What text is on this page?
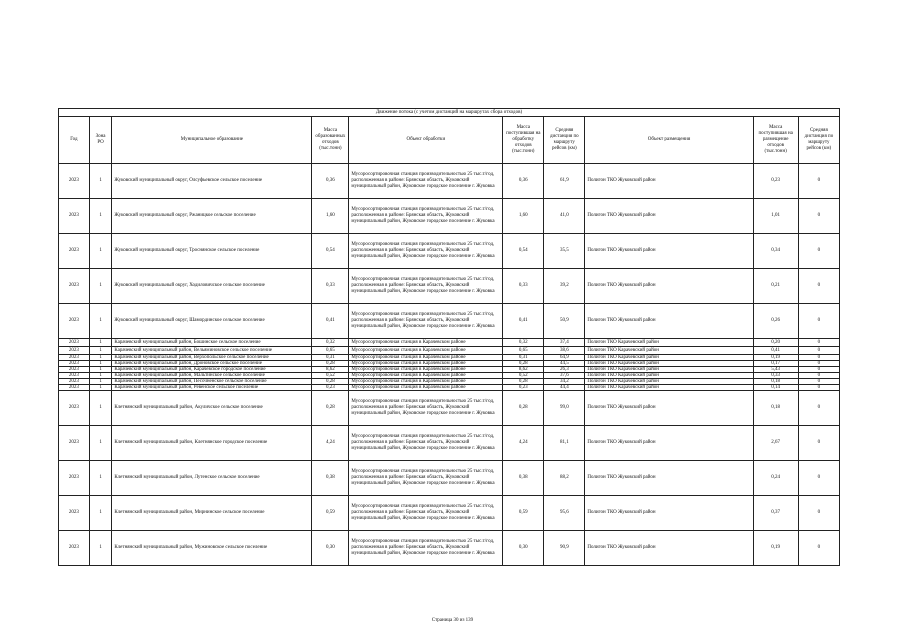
Движение потока (с учетом дистанций на маршрутах сбора отходов)									
Год	Зона РО	Муниципальное образование	Масса образованных отходов (тыс.тонн)	Объект обработки	Масса поступившая на обработку отходов (тыс.тонн)	Средняя дистанция по маршруту рейсов (км)	Объект размещения	Масса поступившая на размещение отходов (тыс.тонн)	Средняя дистанция по маршруту рейсов (км)
2023	1	Жуковский муниципальный округ, Олсуфьевское сельское поселение	0,36	Мусоросортировочная станция производительностью 25 тыс.т/год, расположенная в районе: Брянская область, Жуковский муниципальный район, Жуковское городское поселение г. Жуковка	0,36	61,9	Полигон ТКО Жуковский район	0,23	0
2023	1	Жуковский муниципальный округ, Ржаницкое сельское поселение	1,60	Мусоросортировочная станция производительностью 25 тыс.т/год, расположенная в районе: Брянская область, Жуковский муниципальный район, Жуковское городское поселение г. Жуковка	1,60	41,0	Полигон ТКО Жуковский район	1,01	0
2023	1	Жуковский муниципальный округ, Троснянское сельское поселение	0,54	Мусоросортировочная станция производительностью 25 тыс.т/год, расположенная в районе: Брянская область, Жуковский муниципальный район, Жуковское городское поселение г. Жуковка	0,54	35,5	Полигон ТКО Жуковский район	0,34	0
2023	1	Жуковский муниципальный округ, Ходиловичское сельское поселение	0,33	Мусоросортировочная станция производительностью 25 тыс.т/год, расположенная в районе: Брянская область, Жуковский муниципальный район, Жуковское городское поселение г. Жуковка	0,33	39,2	Полигон ТКО Жуковский район	0,21	0
2023	1	Жуковский муниципальный округ, Шамординское сельское поселение	0,41	Мусоросортировочная станция производительностью 25 тыс.т/год, расположенная в районе: Брянская область, Жуковский муниципальный район, Жуковское городское поселение г. Жуковка	0,41	50,9	Полигон ТКО Жуковский район	0,26	0
2023	1	Карачевский муниципальный район, Бошинское сельское поселение	0,32	Мусоросортировочная станция в Карачевском районе	0,32	37,4	Полигон ТКО Карачевский район	0,20	0
2023	1	Карачевский муниципальный район, Вельяминовское сельское поселение	0,65	Мусоросортировочная станция в Карачевском районе	0,65	38,6	Полигон ТКО Карачевский район	0,41	0
2023	1	Карачевский муниципальный район, Верхопольское сельское поселение	0,31	Мусоросортировочная станция в Карачевском районе	0,31	64,9	Полигон ТКО Карачевский район	0,19	0
2023	1	Карачевский муниципальный район, Дроновское сельское поселение	0,28	Мусоросортировочная станция в Карачевском районе	0,28	44,5	Полигон ТКО Карачевский район	0,17	0
2023	1	Карачевский муниципальный район, Карачевское городское поселение	8,62	Мусоросортировочная станция в Карачевском районе	8,62	26,3	Полигон ТКО Карачевский район	5,43	0
2023	1	Карачевский муниципальный район, Мальтинское сельское поселение	0,52	Мусоросортировочная станция в Карачевском районе	0,52	37,6	Полигон ТКО Карачевский район	0,33	0
2023	1	Карачевский муниципальный район, Песочненское сельское поселение	0,28	Мусоросортировочная станция в Карачевском районе	0,28	34,2	Полигон ТКО Карачевский район	0,18	0
2023	1	Карачевский муниципальный район, Ревенское сельское поселение	0,23	Мусоросортировочная станция в Карачевском районе	0,23	44,4	Полигон ТКО Карачевский район	0,14	0
2023	1	Клетнянский муниципальный район, Акуличское сельское поселение	0,28	Мусоросортировочная станция производительностью 25 тыс.т/год, расположенная в районе: Брянская область, Жуковский муниципальный район, Жуковское городское поселение г. Жуковка	0,28	99,0	Полигон ТКО Жуковский район	0,18	0
2023	1	Клетнянский муниципальный район, Клетнянское городское поселение	4,24	Мусоросортировочная станция производительностью 25 тыс.т/год, расположенная в районе: Брянская область, Жуковский муниципальный район, Жуковское городское поселение г. Жуковка	4,24	81,1	Полигон ТКО Жуковский район	2,67	0
2023	1	Клетнянский муниципальный район, Лутенское сельское поселение	0,38	Мусоросортировочная станция производительностью 25 тыс.т/год, расположенная в районе: Брянская область, Жуковский муниципальный район, Жуковское городское поселение г. Жуковка	0,38	88,2	Полигон ТКО Жуковский район	0,24	0
2023	1	Клетнянский муниципальный район, Мирнинское сельское поселение	0,59	Мусоросортировочная станция производительностью 25 тыс.т/год, расположенная в районе: Брянская область, Жуковский муниципальный район, Жуковское городское поселение г. Жуковка	0,59	95,6	Полигон ТКО Жуковский район	0,37	0
2023	1	Клетнянский муниципальный район, Мужиновское сельское поселение	0,30	Мусоросортировочная станция производительностью 25 тыс.т/год, расположенная в районе: Брянская область, Жуковский муниципальный район, Жуковское городское поселение г. Жуковка	0,30	90,9	Полигон ТКО Жуковский район	0,19	0
Страница 30 из 139
